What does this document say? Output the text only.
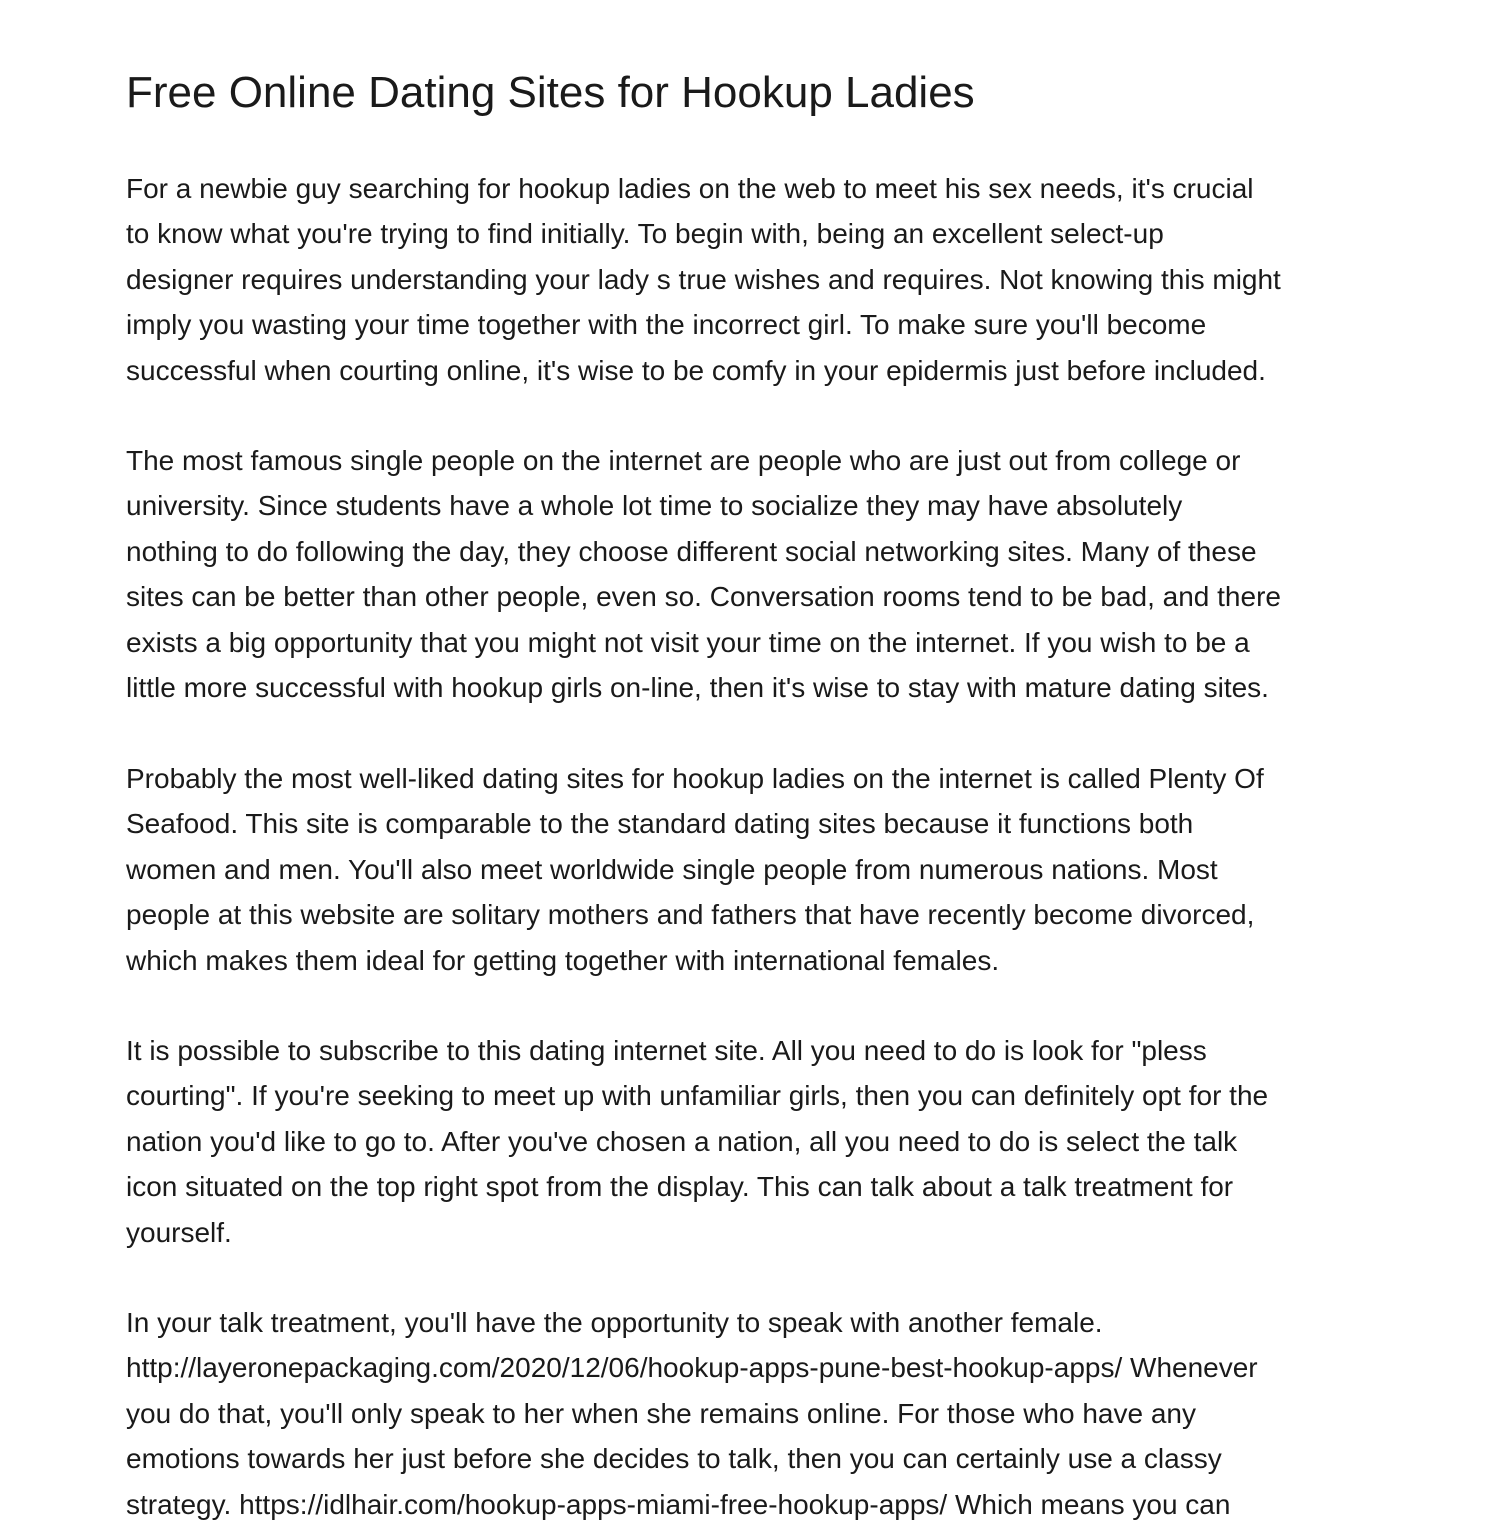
Free Online Dating Sites for Hookup Ladies

For a newbie guy searching for hookup ladies on the web to meet his sex needs, it's crucial
to know what you're trying to find initially. To begin with, being an excellent select-up
designer requires understanding your lady s true wishes and requires. Not knowing this might
imply you wasting your time together with the incorrect girl. To make sure you'll become
successful when courting online, it's wise to be comfy in your epidermis just before included.

The most famous single people on the internet are people who are just out from college or
university. Since students have a whole lot time to socialize they may have absolutely
nothing to do following the day, they choose different social networking sites. Many of these
sites can be better than other people, even so. Conversation rooms tend to be bad, and there
exists a big opportunity that you might not visit your time on the internet. If you wish to be a
little more successful with hookup girls on-line, then it's wise to stay with mature dating sites.

Probably the most well-liked dating sites for hookup ladies on the internet is called Plenty Of
Seafood. This site is comparable to the standard dating sites because it functions both
women and men. You'll also meet worldwide single people from numerous nations. Most
people at this website are solitary mothers and fathers that have recently become divorced,
which makes them ideal for getting together with international females.

It is possible to subscribe to this dating internet site. All you need to do is look for "pless
courting". If you're seeking to meet up with unfamiliar girls, then you can definitely opt for the
nation you'd like to go to. After you've chosen a nation, all you need to do is select the talk
icon situated on the top right spot from the display. This can talk about a talk treatment for
yourself.

In your talk treatment, you'll have the opportunity to speak with another female.
http://layeronepackaging.com/2020/12/06/hookup-apps-pune-best-hookup-apps/ Whenever
you do that, you'll only speak to her when she remains online. For those who have any
emotions towards her just before she decides to talk, then you can certainly use a classy
strategy. https://idlhair.com/hookup-apps-miami-free-hookup-apps/ Which means you can
